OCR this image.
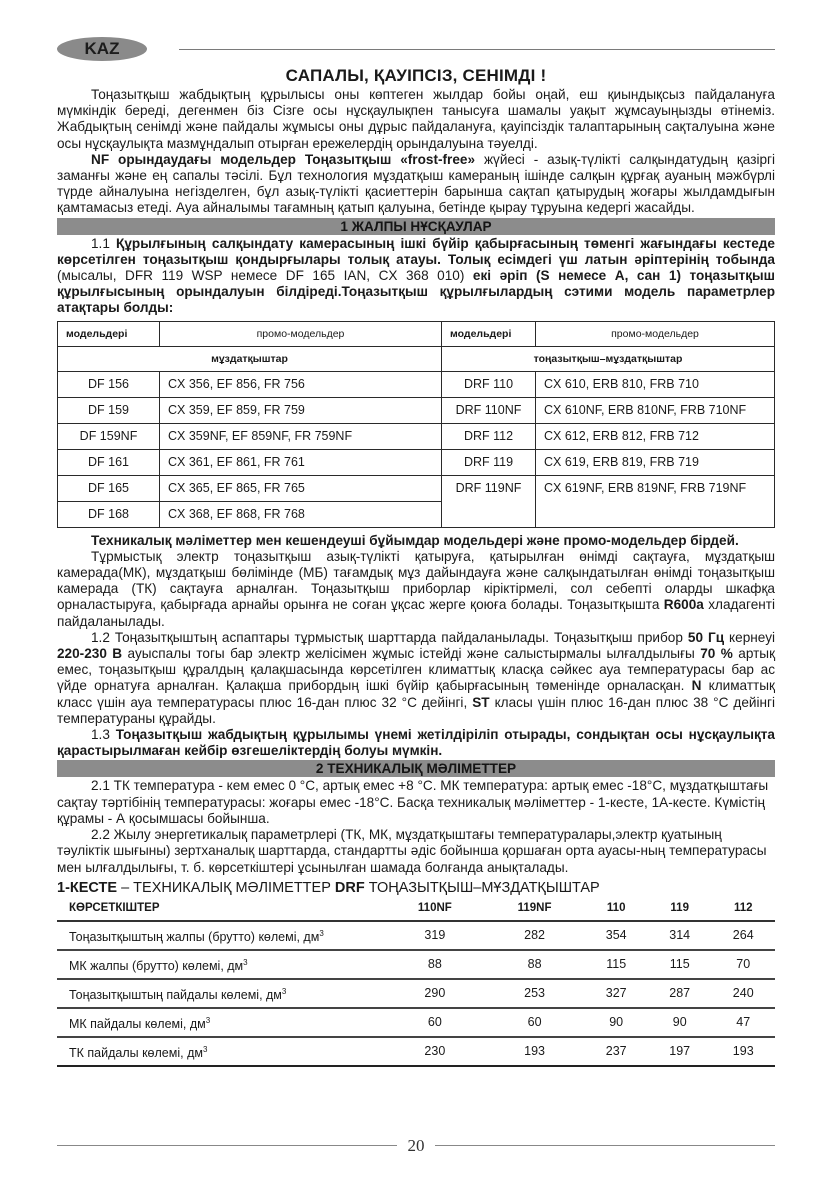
KAZ
САПАЛЫ, ҚАУІПСІЗ, СЕНІМДІ !

Тоңазытқыш жабдықтың құрылысы оны көптеген жылдар бойы оңай, еш қиындықсыз пайдалануға мүмкіндік береді, дегенмен біз Сізге осы нұсқаулықпен танысуға шамалы уақыт жұмсауыңызды өтінеміз. Жабдықтың сенімді және пайдалы жұмысы оны дұрыс пайдалануға, қауіпсіздік талаптарының сақталуына және осы нұсқаулықта мазмұндалып отырған ережелердің орындалуына тәуелді.

NF орындаудағы модельдер Тоңазытқыш «frost-free» жүйесі - азық-түлікті салқындатудың қазіргі заманғы және ең сапалы тәсілі. Бұл технология мұздатқыш камераның ішінде салқын құрғақ ауаның мәжбүрлі түрде айналуына негізделген, бұл азық-түлікті қасиеттерін барынша сақтап қатырудың жоғары жылдамдығын қамтамасыз етеді. Ауа айналымы тағамның қатып қалуына, бетінде қырау тұруына кедергі жасайды.

1 ЖАЛПЫ НҰСҚАУЛАР

1.1 Құрылғының салқындату камерасының ішкі бүйір қабырғасының төменгі жағындағы кестеде көрсетілген тоңазытқыш қондырғылары толық атауы. Толық есімдегі үш латын әріптерінің тобында (мысалы, DFR 119 WSP немесе DF 165 IAN, CX 368 010) екі әріп (S немесе A, сан 1) тоңазытқыш құрылғысының орындалуын білдіреді.Тоңазытқыш құрылғылардың сэтими модель параметрлер атақтары болды:

модельдері	промо-модельдер	модельдері	промо-модельдер
мұздатқыштар		тоңазытқыш–мұздатқыштар	
DF 156	CX 356, EF 856, FR 756	DRF 110	CX 610, ERB 810, FRB 710
DF 159	CX 359, EF 859, FR 759	DRF 110NF	CX 610NF, ERB 810NF, FRB 710NF
DF 159NF	CX 359NF, EF 859NF, FR 759NF	DRF 112	CX 612, ERB 812, FRB 712
DF 161	CX 361, EF 861, FR 761	DRF 119	CX 619, ERB 819, FRB 719
DF 165	CX 365, EF 865, FR 765	DRF 119NF	CX 619NF, ERB 819NF, FRB 719NF
DF 168	CX 368, EF 868, FR 768		

Техникалық мәліметтер мен кешендеуші бұйымдар модельдері және промо-модельдер бірдей.

Тұрмыстық электр тоңазытқыш азық-түлікті қатыруға, қатырылған өнімді сақтауға, мұздатқыш камерада(МК), мұздатқыш бөлімінде (МБ) тағамдық мұз дайындауға және салқындатылған өнімді тоңазытқыш камерада (ТК) сақтауға арналған. Тоңазытқыш приборлар кіріктірмелі, сол себепті оларды шкафқа орналастыруға, қабырғада арнайы орынға не соған ұқсас жерге қоюға болады. Тоңазытқышта R600a хладагенті пайдаланылады.

1.2 Тоңазытқыштың аспаптары тұрмыстық шарттарда пайдаланылады. Тоңазытқыш прибор 50 Гц кернеуі 220-230 В ауыспалы тогы бар электр желісімен жұмыс істейді және салыстырмалы ылғалдылығы 70 % артық емес, тоңазытқыш құралдың қалақшасында көрсетілген климаттық класқа сәйкес ауа температурасы бар ас үйде орнатуға арналған. Қалақша прибордың ішкі бүйір қабырғасының төменінде орналасқан. N климаттық класс үшін ауа температурасы плюс 16-дан плюс 32 °С дейінгі, ST класы үшін плюс 16-дан плюс 38 °С дейінгі температураны құрайды.

1.3 Тоңазытқыш жабдықтың құрылымы үнемі жетілдіріліп отырады, сондықтан осы нұсқаулықта қарастырылмаған кейбір өзгешеліктердің болуы мүмкін.

2 ТЕХНИКАЛЫҚ МӘЛІМЕТТЕР

2.1 ТК температура - кем емес 0 °С, артық емес +8 °С. МК температура: артық емес -18°С, мұздатқыштағы сақтау тәртібінің температурасы: жоғары емес -18°С. Басқа техникалық мәліметтер - 1-кесте, 1А-кесте. Күмістің құрамы - А қосымшасы бойынша.

2.2 Жылу энергетикалық параметрлері (ТК, МК, мұздатқыштағы температуралары,электр қуатының тәуліктік шығыны) зертханалық шарттарда, стандартты әдіс бойынша қоршаған орта ауасы-ның температурасы мен ылғалдылығы, т. б. көрсеткіштері ұсынылған шамада болғанда анықталады.

1-КЕСТЕ – ТЕХНИКАЛЫҚ МӘЛІМЕТТЕР DRF ТОҢАЗЫТҚЫШ–МҰЗДАТҚЫШТАР

КӨРСЕТКІШТЕР	110NF	119NF	110	119	112
Тоңазытқыштың жалпы (брутто) көлемі, $дм^3$	319	282	354	314	264
МК жалпы (брутто) көлемі, $дм^3$	88	88	115	115	70
Тоңазытқыштың пайдалы көлемі, $дм^3$	290	253	327	287	240
МК пайдалы көлемі, $дм^3$	60	60	90	90	47
ТК пайдалы көлемі, $дм^3$	230	193	237	197	193
20
